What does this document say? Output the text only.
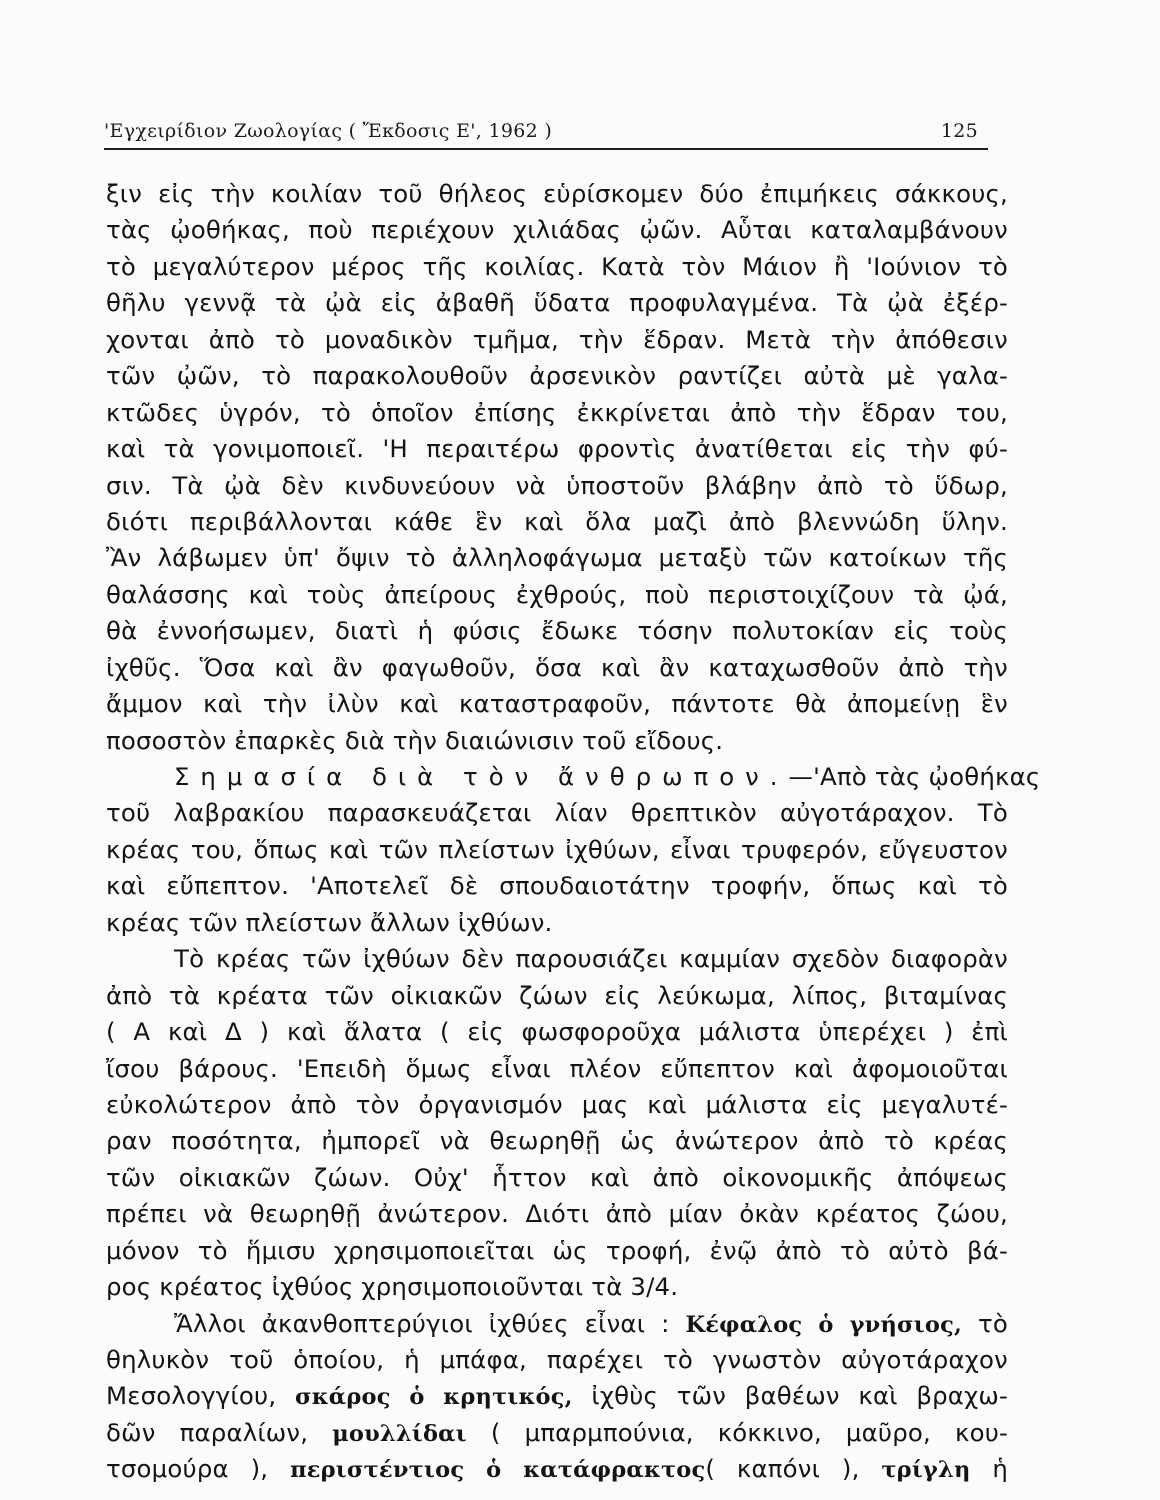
'Εγχειρίδιον Ζωολογίας ( Ἔκδοσις Ε', 1962 )	125
ξιν εἰς τὴν κοιλίαν τοῦ θήλεος εὑρίσκομεν δύο ἐπιμήκεις σάκκους,
τὰς ᾠοθήκας, ποὺ περιέχουν χιλιάδας ᾠῶν. Αὗται καταλαμβάνουν
τὸ μεγαλύτερον μέρος τῆς κοιλίας. Κατὰ τὸν Μάιον ἢ 'Ιούνιον τὸ
θῆλυ γεννᾷ τὰ ᾠὰ εἰς ἀβαθῆ ὕδατα προφυλαγμένα. Τὰ ᾠὰ ἐξέρ-
χονται ἀπὸ τὸ μοναδικὸν τμῆμα, τὴν ἕδραν. Μετὰ τὴν ἀπόθεσιν
τῶν ᾠῶν, τὸ παρακολουθοῦν ἀρσενικὸν ραντίζει αὐτὰ μὲ γαλα-
κτῶδες ὑγρόν, τὸ ὁποῖον ἐπίσης ἐκκρίνεται ἀπὸ τὴν ἕδραν του,
καὶ τὰ γονιμοποιεῖ. 'Η περαιτέρω φροντὶς ἀνατίθεται εἰς τὴν φύ-
σιν. Τὰ ᾠὰ δὲν κινδυνεύουν νὰ ὑποστοῦν βλάβην ἀπὸ τὸ ὕδωρ,
διότι περιβάλλονται κάθε ἓν καὶ ὅλα μαζὶ ἀπὸ βλεννώδη ὕλην.
Ἂν λάβωμεν ὑπ' ὄψιν τὸ ἀλληλοφάγωμα μεταξὺ τῶν κατοίκων τῆς
θαλάσσης καὶ τοὺς ἀπείρους ἐχθρούς, ποὺ περιστοιχίζουν τὰ ᾠά,
θὰ ἐννοήσωμεν, διατὶ ἡ φύσις ἔδωκε τόσην πολυτοκίαν εἰς τοὺς
ἰχθῦς. Ὅσα καὶ ἂν φαγωθοῦν, ὅσα καὶ ἂν καταχωσθοῦν ἀπὸ τὴν
ἄμμον καὶ τὴν ἰλὺν καὶ καταστραφοῦν, πάντοτε θὰ ἀπομείνῃ ἓν
ποσοστὸν ἐπαρκὲς διὰ τὴν διαιώνισιν τοῦ εἴδους.
Σημασία διὰ τὸν ἄνθρωπον.—'Απὸ τὰς ᾠοθήκας
τοῦ λαβρακίου παρασκευάζεται λίαν θρεπτικὸν αὐγοτάραχον. Τὸ
κρέας του, ὅπως καὶ τῶν πλείστων ἰχθύων, εἶναι τρυφερόν, εὔγευστον
καὶ εὔπεπτον. 'Αποτελεῖ δὲ σπουδαιοτάτην τροφήν, ὅπως καὶ τὸ
κρέας τῶν πλείστων ἄλλων ἰχθύων.
Τὸ κρέας τῶν ἰχθύων δὲν παρουσιάζει καμμίαν σχεδὸν διαφορὰν
ἀπὸ τὰ κρέατα τῶν οἰκιακῶν ζώων εἰς λεύκωμα, λίπος, βιταμίνας
( Α καὶ Δ ) καὶ ἅλατα ( εἰς φωσφοροῦχα μάλιστα ὑπερέχει ) ἐπὶ
ἴσου βάρους. 'Επειδὴ ὅμως εἶναι πλέον εὔπεπτον καὶ ἀφομοιοῦται
εὐκολώτερον ἀπὸ τὸν ὀργανισμόν μας καὶ μάλιστα εἰς μεγαλυτέ-
ραν ποσότητα, ἠμπορεῖ νὰ θεωρηθῇ ὡς ἀνώτερον ἀπὸ τὸ κρέας
τῶν οἰκιακῶν ζώων. Οὐχ' ἧττον καὶ ἀπὸ οἰκονομικῆς ἀπόψεως
πρέπει νὰ θεωρηθῇ ἀνώτερον. Διότι ἀπὸ μίαν ὀκὰν κρέατος ζώου,
μόνον τὸ ἥμισυ χρησιμοποιεῖται ὡς τροφή, ἐνῷ ἀπὸ τὸ αὐτὸ βά-
ρος κρέατος ἰχθύος χρησιμοποιοῦνται τὰ 3/4.
Ἄλλοι ἀκανθοπτερύγιοι ἰχθύες εἶναι : Κέφαλος ὁ γνήσιος, τὸ
θηλυκὸν τοῦ ὁποίου, ἡ μπάφα, παρέχει τὸ γνωστὸν αὐγοτάραχον
Μεσολογγίου, σκάρος ὁ κρητικός, ἰχθὺς τῶν βαθέων καὶ βραχω-
δῶν παραλίων, μουλλίδαι ( μπαρμπούνια, κόκκινο, μαῦρο, κου-
τσομούρα ), περιστέντιος ὁ κατάφρακτος( καπόνι ), τρίγλη ἡ
